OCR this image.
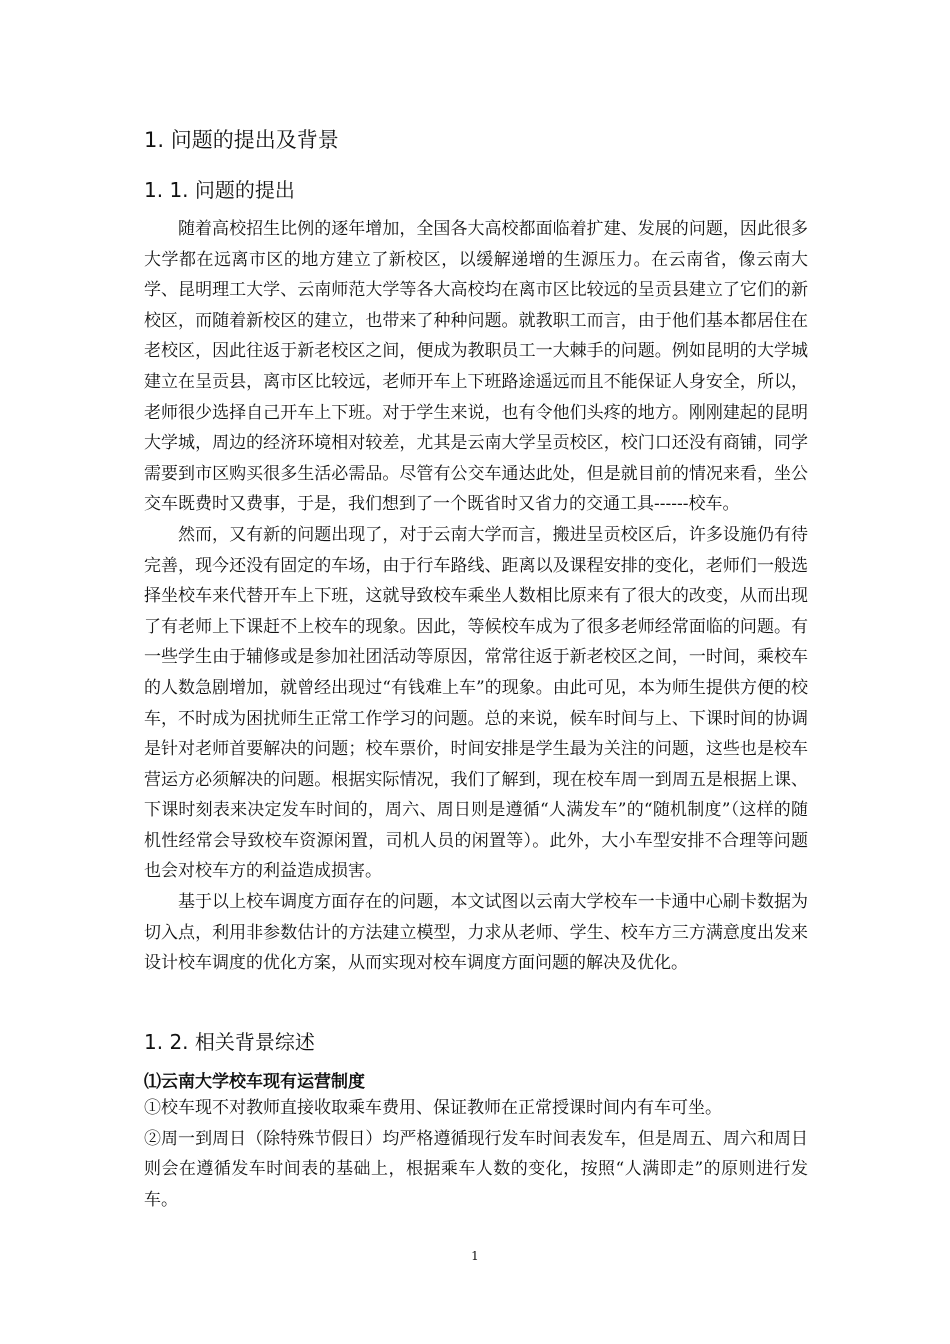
1. 问题的提出及背景
1. 1. 问题的提出

随着高校招生比例的逐年增加，全国各大高校都面临着扩建、发展的问题，因此很多大学都在远离市区的地方建立了新校区，以缓解递增的生源压力。在云南省，像云南大学、昆明理工大学、云南师范大学等各大高校均在离市区比较远的呈贡县建立了它们的新校区，而随着新校区的建立，也带来了种种问题。就教职工而言，由于他们基本都居住在老校区，因此往返于新老校区之间，便成为教职员工一大棘手的问题。例如昆明的大学城建立在呈贡县，离市区比较远，老师开车上下班路途遥远而且不能保证人身安全，所以，老师很少选择自己开车上下班。对于学生来说，也有令他们头疼的地方。刚刚建起的昆明大学城，周边的经济环境相对较差，尤其是云南大学呈贡校区，校门口还没有商铺，同学需要到市区购买很多生活必需品。尽管有公交车通达此处，但是就目前的情况来看，坐公交车既费时又费事，于是，我们想到了一个既省时又省力的交通工具------校车。

然而，又有新的问题出现了，对于云南大学而言，搬进呈贡校区后，许多设施仍有待完善，现今还没有固定的车场，由于行车路线、距离以及课程安排的变化，老师们一般选择坐校车来代替开车上下班，这就导致校车乘坐人数相比原来有了很大的改变，从而出现了有老师上下课赶不上校车的现象。因此，等候校车成为了很多老师经常面临的问题。有一些学生由于辅修或是参加社团活动等原因，常常往返于新老校区之间，一时间，乘校车的人数急剧增加，就曾经出现过“有钱难上车”的现象。由此可见，本为师生提供方便的校车，不时成为困扰师生正常工作学习的问题。总的来说，候车时间与上、下课时间的协调是针对老师首要解决的问题；校车票价，时间安排是学生最为关注的问题，这些也是校车营运方必须解决的问题。根据实际情况，我们了解到，现在校车周一到周五是根据上课、下课时刻表来决定发车时间的，周六、周日则是遵循“人满发车”的“随机制度”（这样的随机性经常会导致校车资源闲置，司机人员的闲置等）。此外，大小车型安排不合理等问题也会对校车方的利益造成损害。

基于以上校车调度方面存在的问题，本文试图以云南大学校车一卡通中心刷卡数据为切入点，利用非参数估计的方法建立模型，力求从老师、学生、校车方三方满意度出发来设计校车调度的优化方案，从而实现对校车调度方面问题的解决及优化。

1. 2. 相关背景综述
⑴云南大学校车现有运营制度

①校车现不对教师直接收取乘车费用、保证教师在正常授课时间内有车可坐。

②周一到周日（除特殊节假日）均严格遵循现行发车时间表发车，但是周五、周六和周日则会在遵循发车时间表的基础上，根据乘车人数的变化，按照“人满即走”的原则进行发车。

1
